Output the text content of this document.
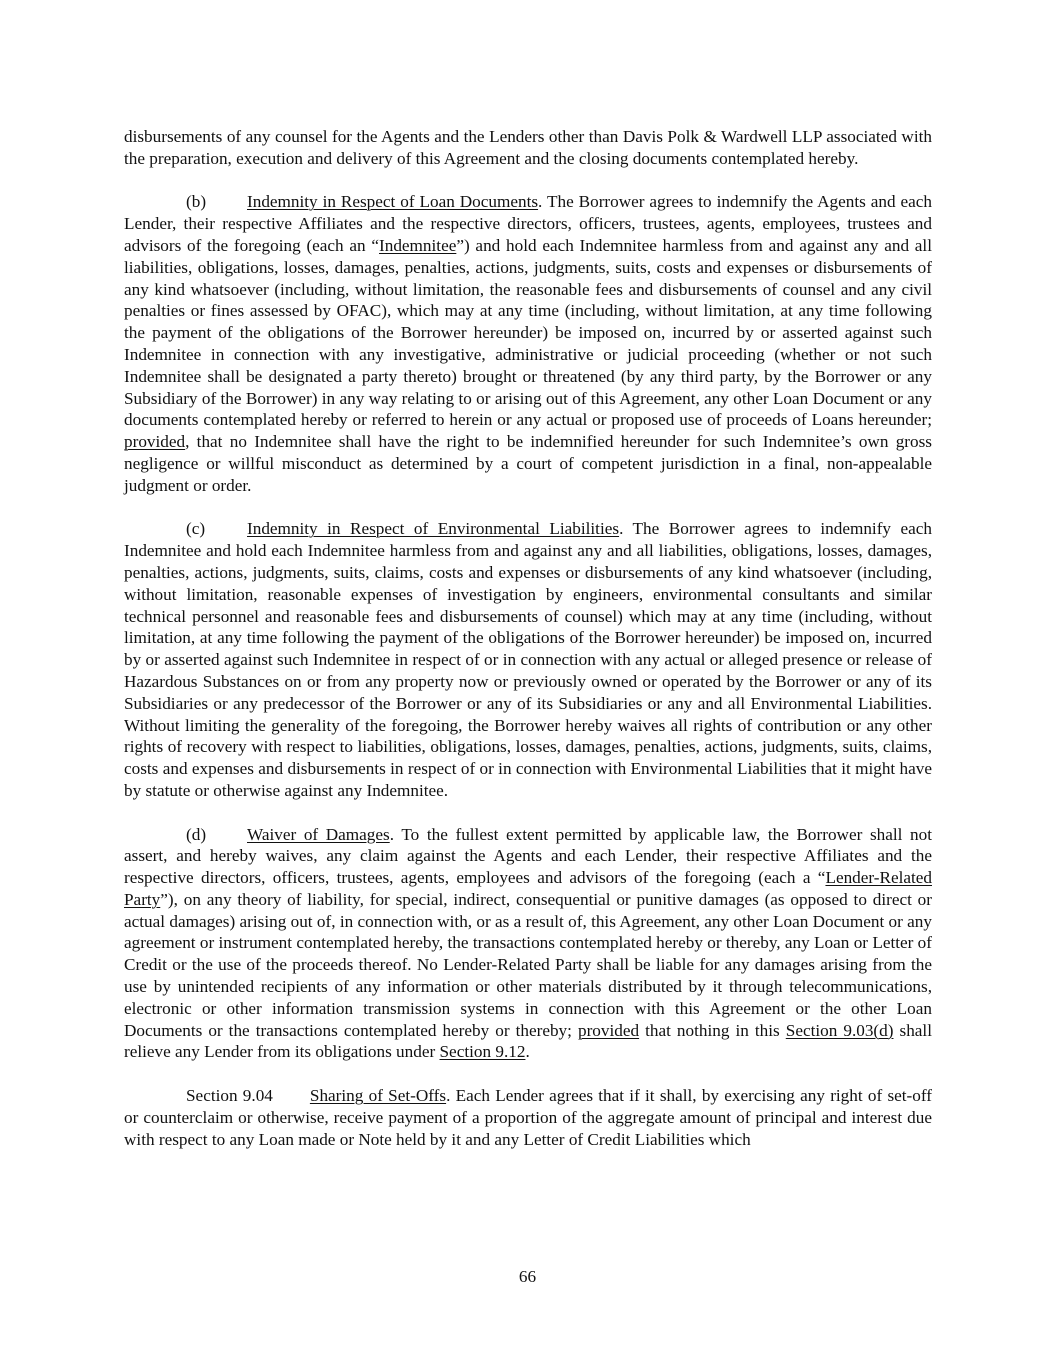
disbursements of any counsel for the Agents and the Lenders other than Davis Polk & Wardwell LLP associated with the preparation, execution and delivery of this Agreement and the closing documents contemplated hereby.

(b) Indemnity in Respect of Loan Documents. The Borrower agrees to indemnify the Agents and each Lender, their respective Affiliates and the respective directors, officers, trustees, agents, employees, trustees and advisors of the foregoing (each an “Indemnitee”) and hold each Indemnitee harmless from and against any and all liabilities, obligations, losses, damages, penalties, actions, judgments, suits, costs and expenses or disbursements of any kind whatsoever (including, without limitation, the reasonable fees and disbursements of counsel and any civil penalties or fines assessed by OFAC), which may at any time (including, without limitation, at any time following the payment of the obligations of the Borrower hereunder) be imposed on, incurred by or asserted against such Indemnitee in connection with any investigative, administrative or judicial proceeding (whether or not such Indemnitee shall be designated a party thereto) brought or threatened (by any third party, by the Borrower or any Subsidiary of the Borrower) in any way relating to or arising out of this Agreement, any other Loan Document or any documents contemplated hereby or referred to herein or any actual or proposed use of proceeds of Loans hereunder; provided, that no Indemnitee shall have the right to be indemnified hereunder for such Indemnitee’s own gross negligence or willful misconduct as determined by a court of competent jurisdiction in a final, non-appealable judgment or order.

(c) Indemnity in Respect of Environmental Liabilities. The Borrower agrees to indemnify each Indemnitee and hold each Indemnitee harmless from and against any and all liabilities, obligations, losses, damages, penalties, actions, judgments, suits, claims, costs and expenses or disbursements of any kind whatsoever (including, without limitation, reasonable expenses of investigation by engineers, environmental consultants and similar technical personnel and reasonable fees and disbursements of counsel) which may at any time (including, without limitation, at any time following the payment of the obligations of the Borrower hereunder) be imposed on, incurred by or asserted against such Indemnitee in respect of or in connection with any actual or alleged presence or release of Hazardous Substances on or from any property now or previously owned or operated by the Borrower or any of its Subsidiaries or any predecessor of the Borrower or any of its Subsidiaries or any and all Environmental Liabilities. Without limiting the generality of the foregoing, the Borrower hereby waives all rights of contribution or any other rights of recovery with respect to liabilities, obligations, losses, damages, penalties, actions, judgments, suits, claims, costs and expenses and disbursements in respect of or in connection with Environmental Liabilities that it might have by statute or otherwise against any Indemnitee.

(d) Waiver of Damages. To the fullest extent permitted by applicable law, the Borrower shall not assert, and hereby waives, any claim against the Agents and each Lender, their respective Affiliates and the respective directors, officers, trustees, agents, employees and advisors of the foregoing (each a “Lender-Related Party”), on any theory of liability, for special, indirect, consequential or punitive damages (as opposed to direct or actual damages) arising out of, in connection with, or as a result of, this Agreement, any other Loan Document or any agreement or instrument contemplated hereby, the transactions contemplated hereby or thereby, any Loan or Letter of Credit or the use of the proceeds thereof. No Lender-Related Party shall be liable for any damages arising from the use by unintended recipients of any information or other materials distributed by it through telecommunications, electronic or other information transmission systems in connection with this Agreement or the other Loan Documents or the transactions contemplated hereby or thereby; provided that nothing in this Section 9.03(d) shall relieve any Lender from its obligations under Section 9.12.

Section 9.04 Sharing of Set-Offs. Each Lender agrees that if it shall, by exercising any right of set-off or counterclaim or otherwise, receive payment of a proportion of the aggregate amount of principal and interest due with respect to any Loan made or Note held by it and any Letter of Credit Liabilities which

66
